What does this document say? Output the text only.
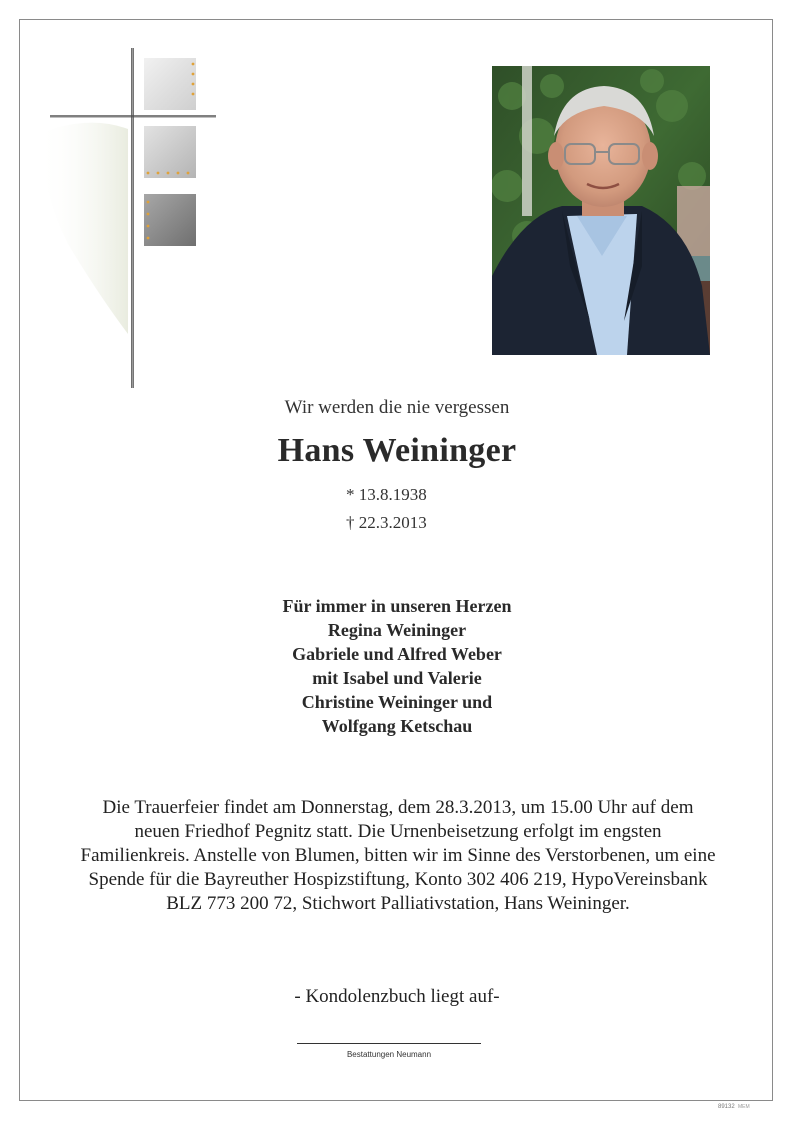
Wir werden die nie vergessen
Hans Weininger
* 13.8.1938
† 22.3.2013
Für immer in unseren Herzen
Regina Weininger
Gabriele und Alfred Weber
mit Isabel und Valerie
Christine Weininger und
Wolfgang Ketschau
Die Trauerfeier findet am Donnerstag, dem 28.3.2013, um 15.00 Uhr auf dem neuen Friedhof Pegnitz statt. Die Urnenbeisetzung erfolgt im engsten Familienkreis. Anstelle von Blumen, bitten wir im Sinne des Verstorbenen, um eine Spende für die Bayreuther Hospizstiftung, Konto 302 406 219, HypoVereinsbank BLZ 773 200 72, Stichwort Palliativstation, Hans Weininger.
- Kondolenzbuch liegt auf-
Bestattungen Neumann
89132 MEM
